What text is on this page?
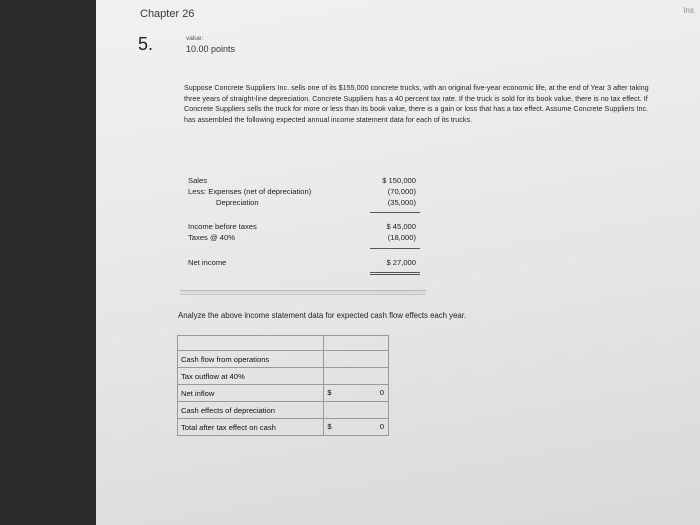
Ins
Chapter 26
5.	value:
10.00 points
Suppose Concrete Suppliers Inc. sells one of its $155,000 concrete trucks, with an original five-year economic life, at the end of Year 3 after taking three years of straight-line depreciation. Concrete Suppliers has a 40 percent tax rate. If the truck is sold for its book value, there is no tax effect. If Concrete Suppliers sells the truck for more or less than its book value, there is a gain or loss that has a tax effect. Assume Concrete Suppliers Inc. has assembled the following expected annual income statement data for each of its trucks.
Sales	$ 150,000
Less: Expenses (net of depreciation)	(70,000)
Depreciation	(35,000)
Income before taxes	$ 45,000
Taxes @ 40%	(18,000)
Net income	$ 27,000
Analyze the above income statement data for expected cash flow effects each year.

Cash flow from operations	

Tax outflow at 40%	

Net inflow	$ 0

Cash effects of depreciation	

Total after tax effect on cash	$ 0
